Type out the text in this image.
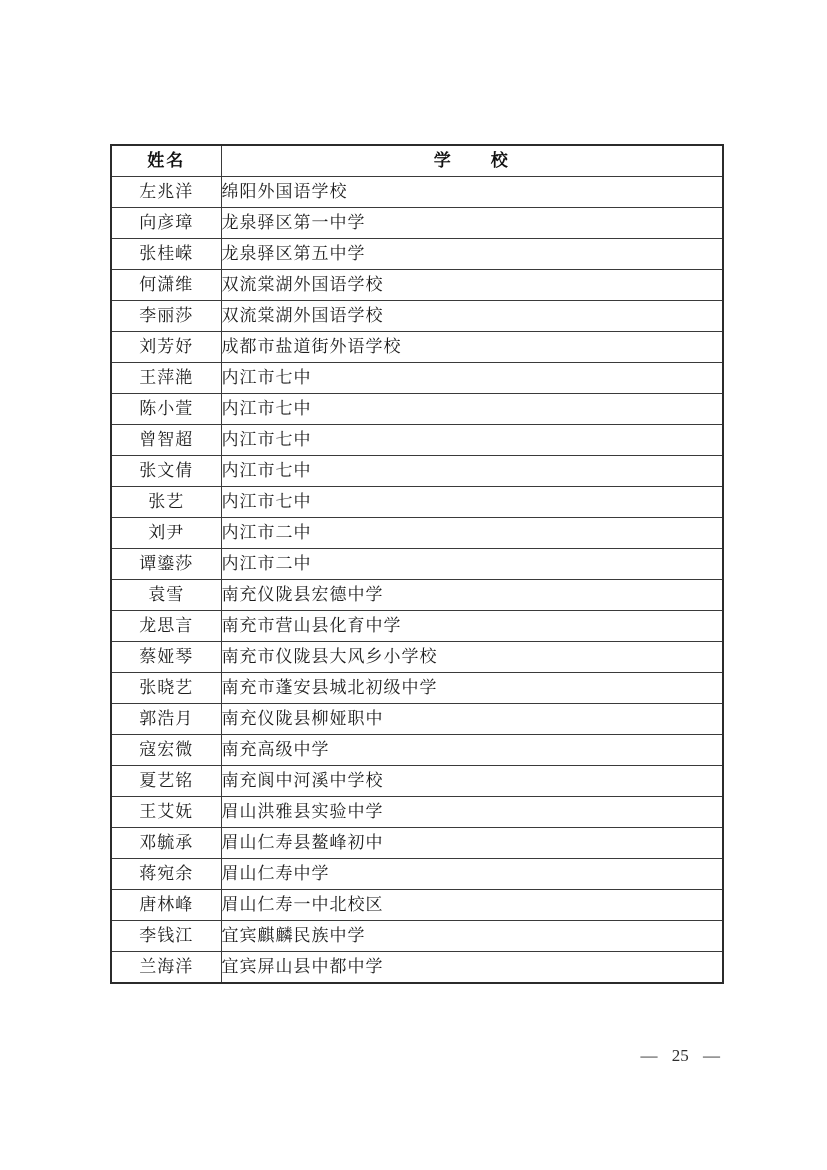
姓名	学　　校
左兆洋	绵阳外国语学校
向彦璋	龙泉驿区第一中学
张桂嵘	龙泉驿区第五中学
何潇维	双流棠湖外国语学校
李丽莎	双流棠湖外国语学校
刘芳妤	成都市盐道街外语学校
王萍滟	内江市七中
陈小萱	内江市七中
曾智超	内江市七中
张文倩	内江市七中
张艺	内江市七中
刘尹	内江市二中
谭鎏莎	内江市二中
袁雪	南充仪陇县宏德中学
龙思言	南充市营山县化育中学
蔡娅琴	南充市仪陇县大风乡小学校
张晓艺	南充市蓬安县城北初级中学
郭浩月	南充仪陇县柳娅职中
寇宏微	南充高级中学
夏艺铭	南充阆中河溪中学校
王艾妩	眉山洪雅县实验中学
邓毓承	眉山仁寿县鳌峰初中
蒋宛余	眉山仁寿中学
唐林峰	眉山仁寿一中北校区
李钱江	宜宾麒麟民族中学
兰海洋	宜宾屏山县中都中学
— 25 —
